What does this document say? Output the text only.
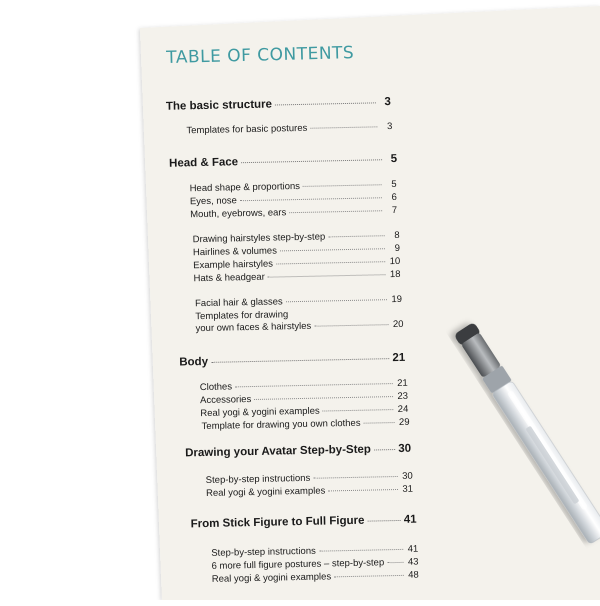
TABLE OF CONTENTS
The basic structure	3
Templates for basic postures	3
Head & Face	5
Head shape & proportions	5
Eyes, nose	6
Mouth, eyebrows, ears	7
Drawing hairstyles step-by-step	8
Hairlines & volumes	9
Example hairstyles	10
Hats & headgear	18
Facial hair & glasses	19
Templates for drawing
your own faces & hairstyles	20
Body	21
Clothes	21
Accessories	23
Real yogi & yogini examples	24
Template for drawing you own clothes	29
Drawing your Avatar Step-by-Step 30
Step-by-step instructions	30
Real yogi & yogini examples	31
From Stick Figure to Full Figure	41
Step-by-step instructions	41
6 more full figure postures – step-by-step 43
Real yogi & yogini examples	48
